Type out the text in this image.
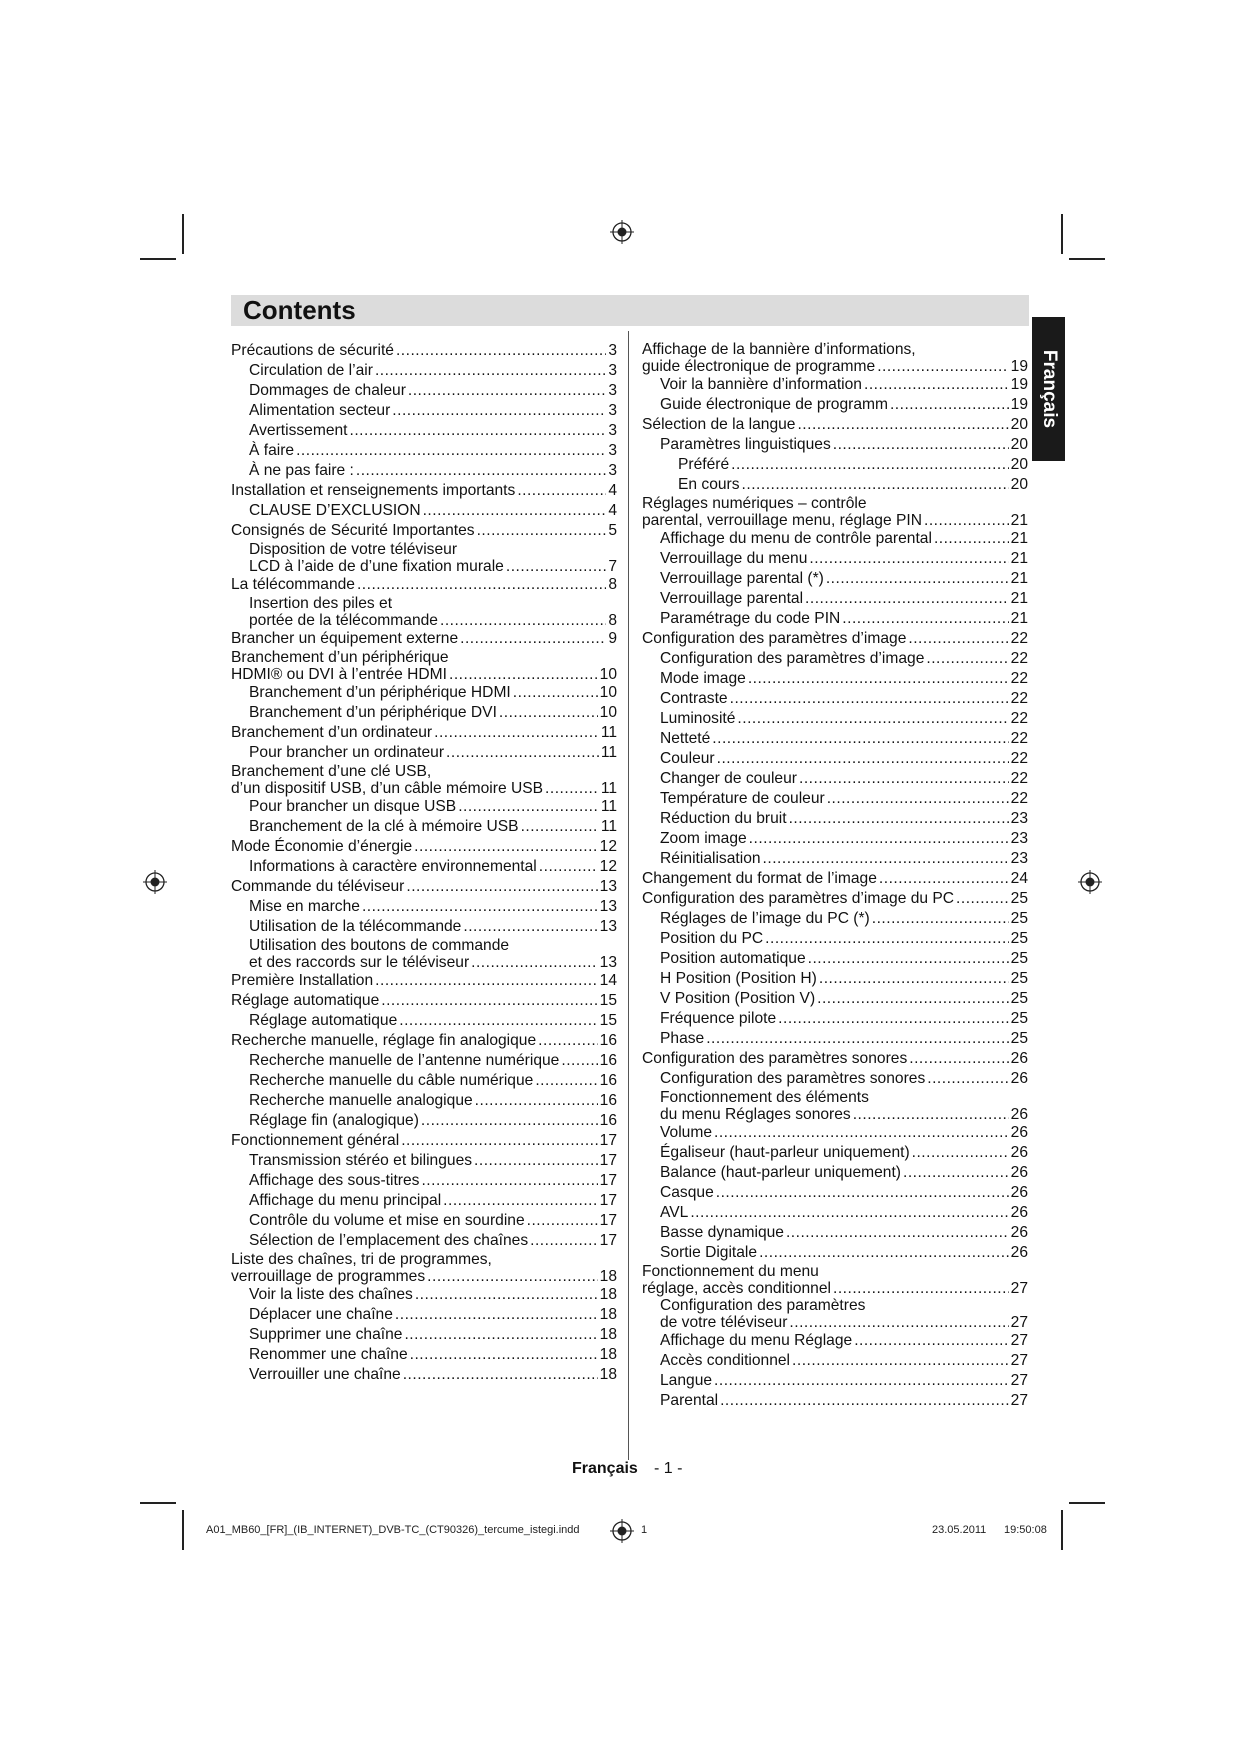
Contents
Français
Précautions de sécurité .....	3
Circulation de l’air .....	3
Dommages de chaleur .....	3
Alimentation secteur .....	3
Avertissement .....	3
À faire .....	3
À ne pas faire : .....	3
Installation et renseignements importants .....	4
CLAUSE D’EXCLUSION .....	4
Consignés de Sécurité Importantes .....	5
Disposition de votre téléviseur
LCD à l’aide de d’une fixation murale .....	7
La télécommande .....	8
Insertion des piles et
portée de la télécommande .....	8
Brancher un équipement externe .....	9
Branchement d’un périphérique
HDMI® ou DVI à l’entrée HDMI .....	10
Branchement d’un périphérique HDMI .....	10
Branchement d’un périphérique DVI .....	10
Branchement d’un ordinateur .....	11
Pour brancher un ordinateur .....	11
Branchement d’une clé USB,
d’un dispositif USB, d’un câble mémoire USB .....	11
Pour brancher un disque USB .....	11
Branchement de la clé à mémoire USB .....	11
Mode Économie d’énergie .....	12
Informations à caractère environnemental .....	12
Commande du téléviseur .....	13
Mise en marche .....	13
Utilisation de la télécommande .....	13
Utilisation des boutons de commande
et des raccords sur le téléviseur .....	13
Première Installation .....	14
Réglage automatique .....	15
Réglage automatique .....	15
Recherche manuelle, réglage fin analogique .....	16
Recherche manuelle de l’antenne numérique .....	16
Recherche manuelle du câble numérique .....	16
Recherche manuelle analogique .....	16
Réglage fin (analogique) .....	16
Fonctionnement général .....	17
Transmission stéréo et bilingues .....	17
Affichage des sous-titres .....	17
Affichage du menu principal .....	17
Contrôle du volume et mise en sourdine .....	17
Sélection de l’emplacement des chaînes .....	17
Liste des chaînes, tri de programmes,
verrouillage de programmes .....	18
Voir la liste des chaînes .....	18
Déplacer une chaîne .....	18
Supprimer une chaîne .....	18
Renommer une chaîne .....	18
Verrouiller une chaîne .....	18
Affichage de la bannière d’informations,
guide électronique de programme .....	19
Voir la bannière d’information .....	19
Guide électronique de programm .....	19
Sélection de la langue .....	20
Paramètres linguistiques .....	20
Préféré .....	20
En cours .....	20
Réglages numériques – contrôle
parental, verrouillage menu, réglage PIN .....	21
Affichage du menu de contrôle parental .....	21
Verrouillage du menu .....	21
Verrouillage parental (*) .....	21
Verrouillage parental .....	21
Paramétrage du code PIN .....	21
Configuration des paramètres d’image .....	22
Configuration des paramètres d’image .....	22
Mode image .....	22
Contraste .....	22
Luminosité .....	22
Netteté .....	22
Couleur .....	22
Changer de couleur .....	22
Température de couleur .....	22
Réduction du bruit .....	23
Zoom image .....	23
Réinitialisation .....	23
Changement du format de l’image .....	24
Configuration des paramètres d’image du PC .....	25
Réglages de l’image du PC (*) .....	25
Position du PC .....	25
Position automatique .....	25
H Position (Position H) .....	25
V Position (Position V) .....	25
Fréquence pilote .....	25
Phase .....	25
Configuration des paramètres sonores .....	26
Configuration des paramètres sonores .....	26
Fonctionnement des éléments
du menu Réglages sonores .....	26
Volume .....	26
Égaliseur (haut-parleur uniquement) .....	26
Balance (haut-parleur uniquement) .....	26
Casque .....	26
AVL .....	26
Basse dynamique .....	26
Sortie Digitale .....	26
Fonctionnement du menu
réglage, accès conditionnel .....	27
Configuration des paramètres
de votre téléviseur .....	27
Affichage du menu Réglage .....	27
Accès conditionnel .....	27
Langue .....	27
Parental .....	27
Français - 1 -
A01_MB60_[FR]_(IB_INTERNET)_DVB-TC_(CT90326)_tercume_istegi.indd	1	23.05.2011 19:50:08
